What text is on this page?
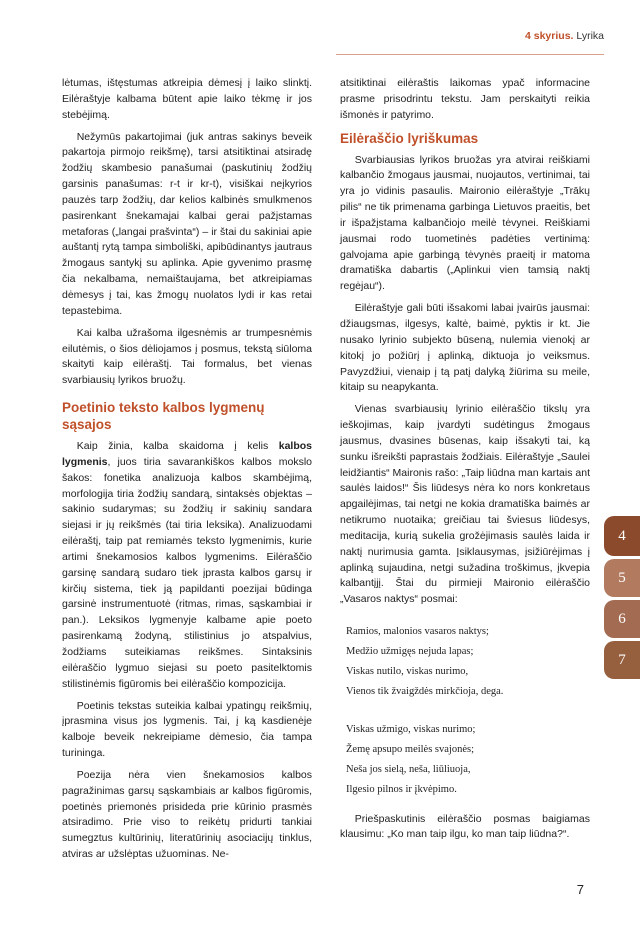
4 skyrius. Lyrika

lėtumas, ištęstumas atkreipia dėmesį į laiko slinktį. Eilėraštyje kalbama būtent apie laiko tėkmę ir jos stebėjimą.

Nežymūs pakartojimai (juk antras sakinys beveik pakartoja pirmojo reikšmę), tarsi atsitiktinai atsiradę žodžių skambesio panašumai (paskutinių žodžių garsinis panašumas: r-t ir kr-t), visiškai neįkyrios pauzės tarp žodžių, dar kelios kalbinės smulkmenos pasirenkant šnekamajai kalbai gerai pažįstamas metaforas („langai prašvinta“) – ir štai du sakiniai apie auštantį rytą tampa simboliški, apibūdinantys jautraus žmogaus santykį su aplinka. Apie gyvenimo prasmę čia nekalbama, nemaištaujama, bet atkreipiamas dėmesys į tai, kas žmogų nuolatos lydi ir kas retai tepastebima.

Kai kalba užrašoma ilgesnėmis ar trumpesnėmis eilutėmis, o šios dėliojamos į posmus, tekstą siūloma skaityti kaip eilėraštį. Tai formalus, bet vienas svarbiausių lyrikos bruožų.

Poetinio teksto kalbos lygmenų sąsajos

Kaip žinia, kalba skaidoma į kelis kalbos lygmenis, juos tiria savarankiškos kalbos mokslo šakos: fonetika analizuoja kalbos skambėjimą, morfologija tiria žodžių sandarą, sintaksės objektas – sakinio sudarymas; su žodžių ir sakinių sandara siejasi ir jų reikšmės (tai tiria leksika). Analizuodami eilėraštį, taip pat remiamės teksto lygmenimis, kurie artimi šnekamosios kalbos lygmenims. Eilėraščio garsinę sandarą sudaro tiek įprasta kalbos garsų ir kirčių sistema, tiek ją papildanti poezijai būdinga garsinė instrumentuotė (ritmas, rimas, sąskambiai ir pan.). Leksikos lygmenyje kalbame apie poeto pasirenkamą žodyną, stilistinius jo atspalvius, žodžiams suteikiamas reikšmes. Sintaksinis eilėraščio lygmuo siejasi su poeto pasitelktomis stilistinėmis figūromis bei eilėraščio kompozicija.

Poetinis tekstas suteikia kalbai ypatingų reikšmių, įprasmina visus jos lygmenis. Tai, į ką kasdienėje kalboje beveik nekreipiame dėmesio, čia tampa turininga.

Poezija nėra vien šnekamosios kalbos pagražinimas garsų sąskambiais ar kalbos figūromis, poetinės priemonės prisideda prie kūrinio prasmės atsiradimo. Prie viso to reikėtų pridurti tankiai sumegztus kultūrinių, literatūrinių asociacijų tinklus, atviras ar užslėptas užuominas. Ne-

atsitiktinai eilėraštis laikomas ypač informacine prasme prisodrintu tekstu. Jam perskaityti reikia išmonės ir patyrimo.

Eilėraščio lyriškumas

Svarbiausias lyrikos bruožas yra atvirai reiškiami kalbančio žmogaus jausmai, nuojautos, vertinimai, tai yra jo vidinis pasaulis. Maironio eilėraštyje „Trākų pilis“ ne tik primenama garbinga Lietuvos praeitis, bet ir išpažįstama kalbančiojo meilė tėvynei. Reiškiami jausmai rodo tuometinės padėties vertinimą: galvojama apie garbingą tėvynės praeitį ir matoma dramatiška dabartis („Aplinkui vien tamsią naktį regėjau“).

Eilėraštyje gali būti išsakomi labai įvairūs jausmai: džiaugsmas, ilgesys, kaltė, baimė, pyktis ir kt. Jie nusako lyrinio subjekto būseną, nulemia vienokį ar kitokį jo požiūrį į aplinką, diktuoja jo veiksmus. Pavyzdžiui, vienaip į tą patį dalyką žiūrima su meile, kitaip su neapykanta.

Vienas svarbiausių lyrinio eilėraščio tikslų yra ieškojimas, kaip įvardyti sudėtingus žmogaus jausmus, dvasines būsenas, kaip išsakyti tai, ką sunku išreikšti paprastais žodžiais. Eilėraštyje „Saulei leidžiantis“ Maironis rašo: „Taip liūdna man kartais ant saulės laidos!“ Šis liūdesys nėra ko nors konkretaus apgailėjimas, tai netgi ne kokia dramatiška baimės ar netikrumo nuotaika; greičiau tai šviesus liūdesys, meditacija, kurią sukelia grožėjimasis saulės laida ir naktį nurimusia gamta. Įsiklausymas, įsižiūrėjimas į aplinką sujaudina, netgi sužadina troškimus, įkvepia kalbantįjį. Štai du pirmieji Maironio eilėraščio „Vasaros naktys“ posmai:

Ramios, malonios vasaros naktys;
Medžio užmigęs nejuda lapas;
Viskas nutilo, viskas nurimo,
Vienos tik žvaigždės mirkčioja, dega.
Viskas užmigo, viskas nurimo;
Žemę apsupo meilės svajonės;
Neša jos sielą, neša, liūliuoja,
Ilgesio pilnos ir įkvėpimo.

Priešpaskutinis eilėraščio posmas baigiamas klausimu: „Ko man taip ilgu, ko man taip liūdna?“.

4
5
6
7
7
